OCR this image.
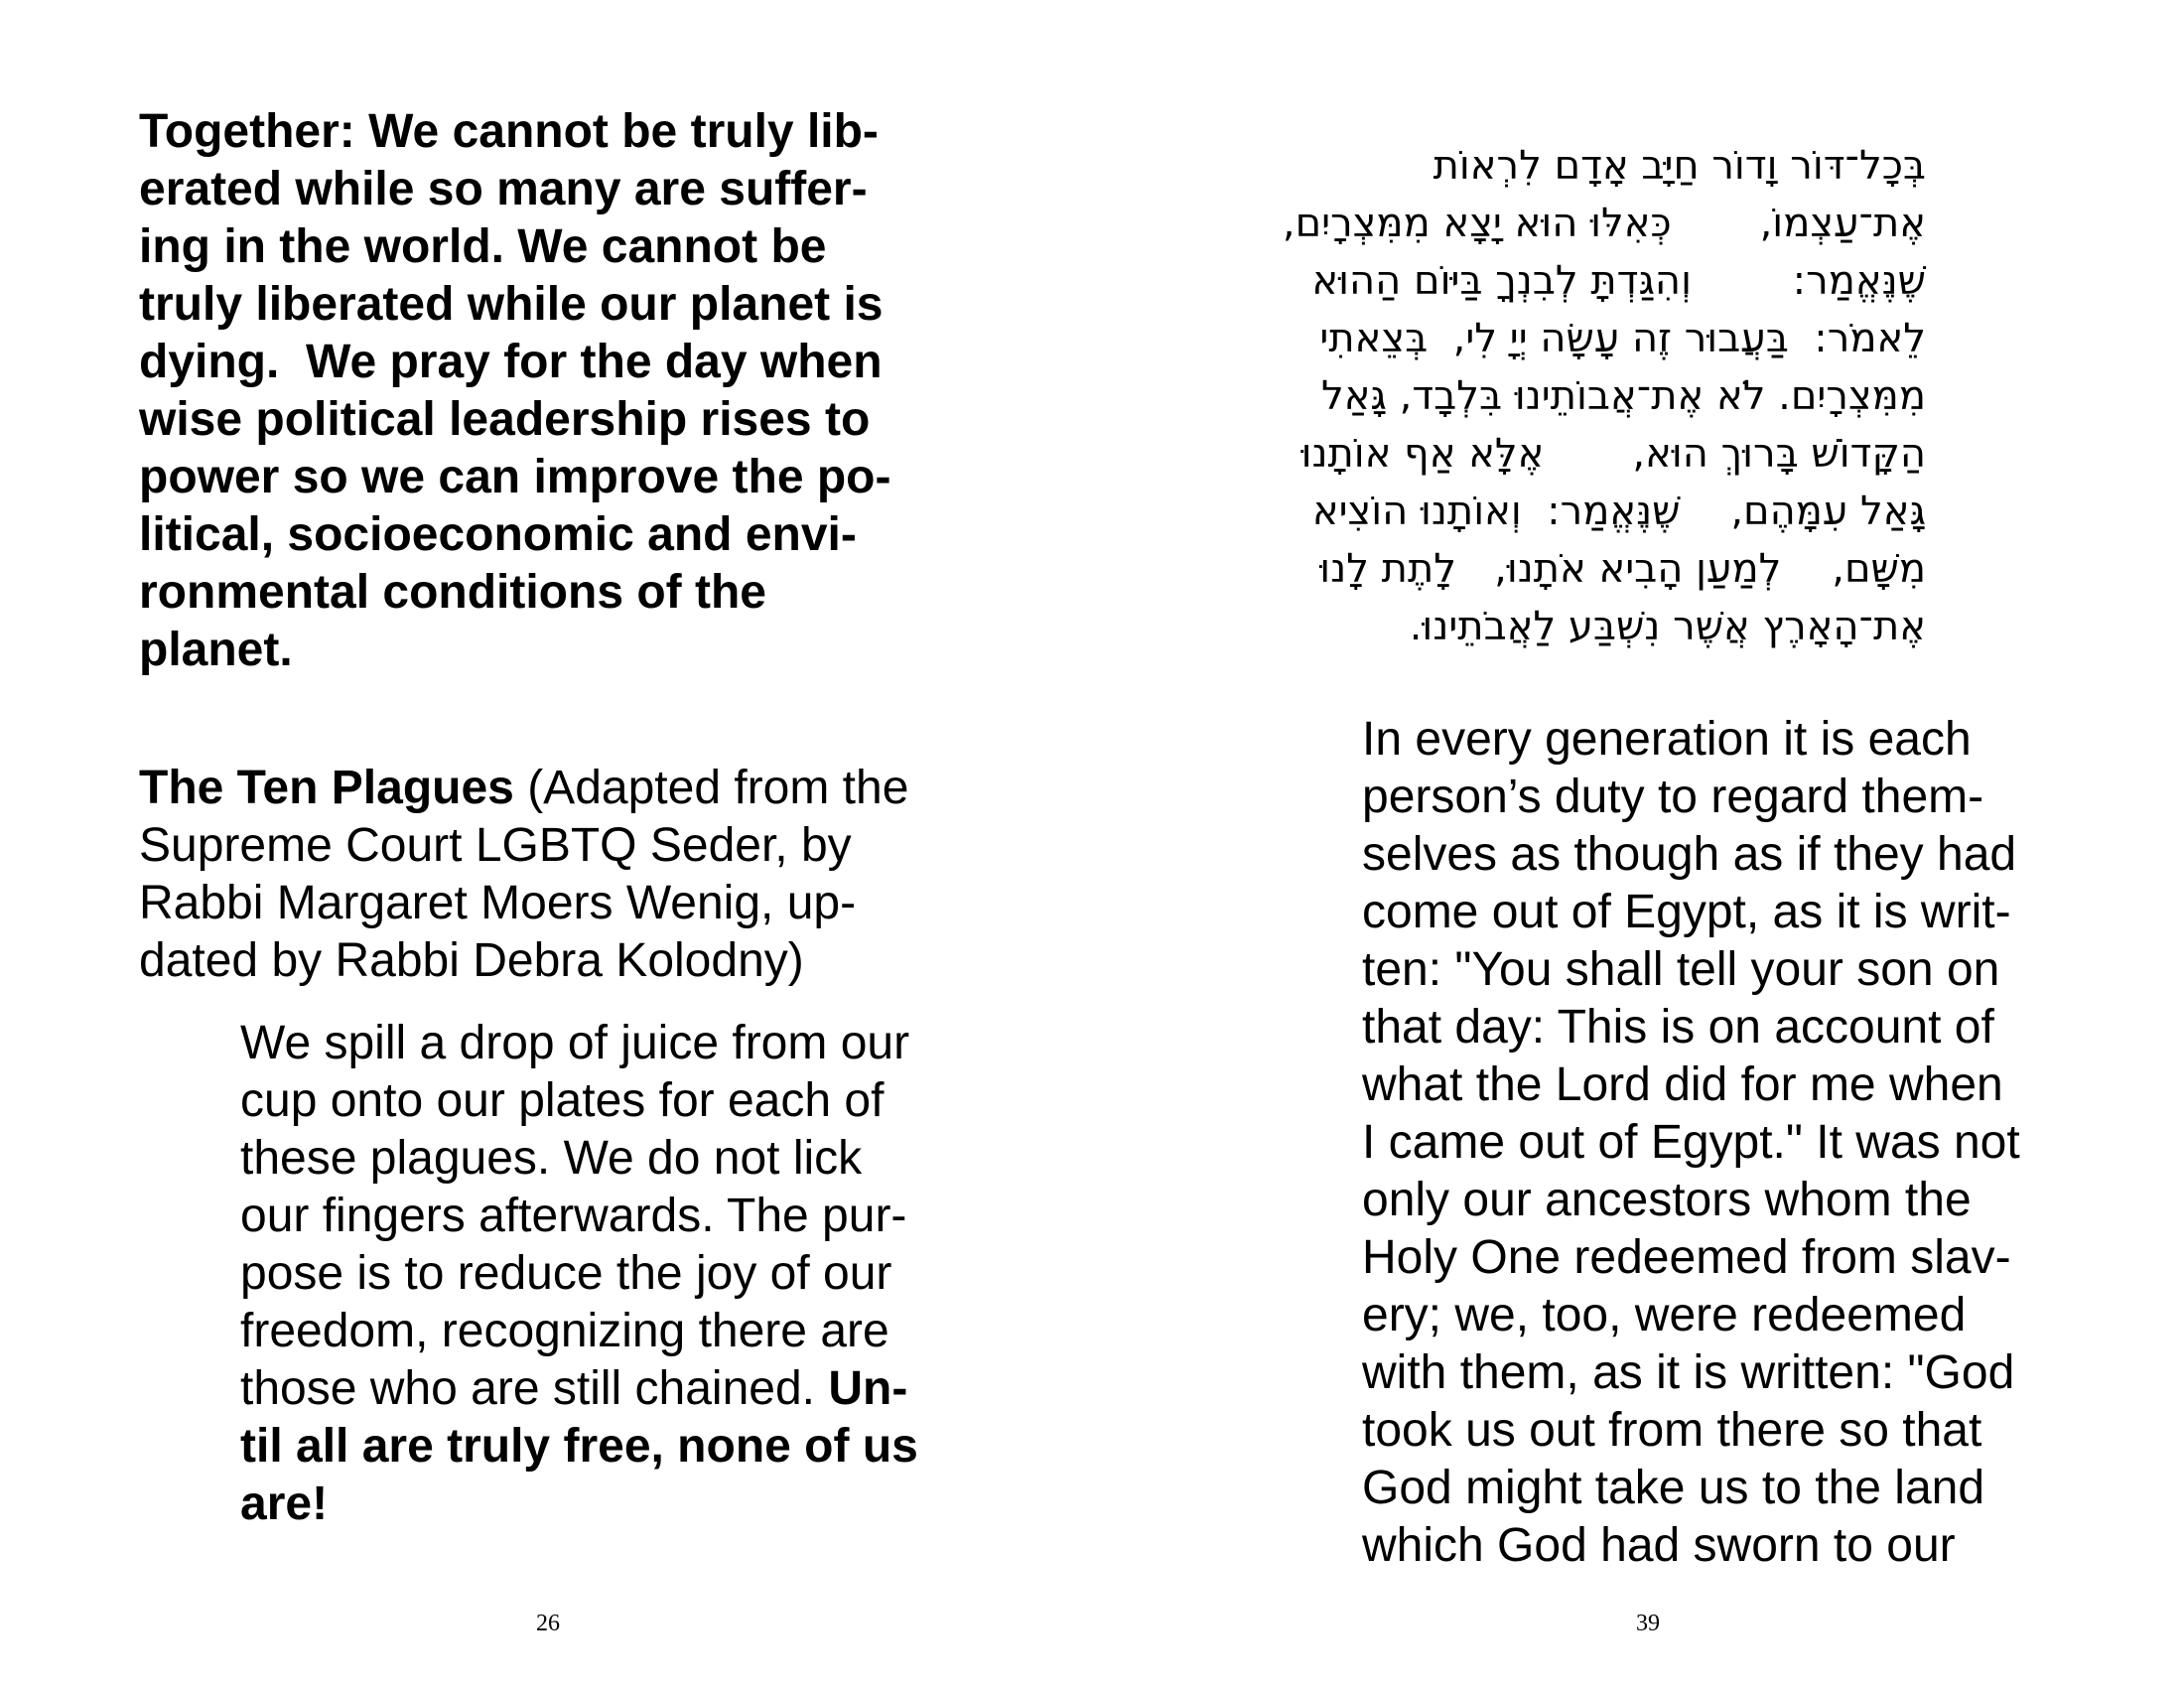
Together: We cannot be truly lib-
erated while so many are suffer-
ing in the world. We cannot be
truly liberated while our planet is
dying.  We pray for the day when
wise political leadership rises to
power so we can improve the po-
litical, socioeconomic and envi-
ronmental conditions of the
planet.
The Ten Plagues (Adapted from the
Supreme Court LGBTQ Seder, by
Rabbi Margaret Moers Wenig, up-
dated by Rabbi Debra Kolodny)
We spill a drop of juice from our
cup onto our plates for each of
these plagues. We do not lick
our fingers afterwards. The pur-
pose is to reduce the joy of our
freedom, recognizing there are
those who are still chained. Un-
til all are truly free, none of us
are!
26
בְּכָל־דּוֹר וָדוֹר חַיָּב אָדָם לִרְאוֹת
אֶת־עַצְמוֹ,       כְּאִלּוּ הוּא יָצָא מִמִּצְרָיִם,
שֶׁנֶּאֱמַר:        וְהִגַּדְתָּ לְבִנְךָ בַּיּוֹם הַהוּא
לֵאמֹר:  בַּעֲבוּר זֶה עָשָׂה יְיָ לִי,  בְּצֵאתִי
מִמִּצְרָיִם. לֹא אֶת־אֲבוֹתֵינוּ בִּלְבָד, גָּאַל
הַקָּדוֹשׁ בָּרוּךְ הוּא,       אֶלָּא אַף אוֹתָנוּ
גָּאַל עִמָּהֶם,    שֶׁנֶּאֱמַר:  וְאוֹתָנוּ הוֹצִיא
מִשָּׁם,    לְמַעַן הָבִיא אֹתָנוּ,   לָתֶת לָנוּ
אֶת־הָאָרֶץ אֲשֶׁר נִשְׁבַּע לַאֲבֹתֵינוּ.
In every generation it is each
person’s duty to regard them-
selves as though as if they had
come out of Egypt, as it is writ-
ten: "You shall tell your son on
that day: This is on account of
what the Lord did for me when
I came out of Egypt." It was not
only our ancestors whom the
Holy One redeemed from slav-
ery; we, too, were redeemed
with them, as it is written: "God
took us out from there so that
God might take us to the land
which God had sworn to our
39
